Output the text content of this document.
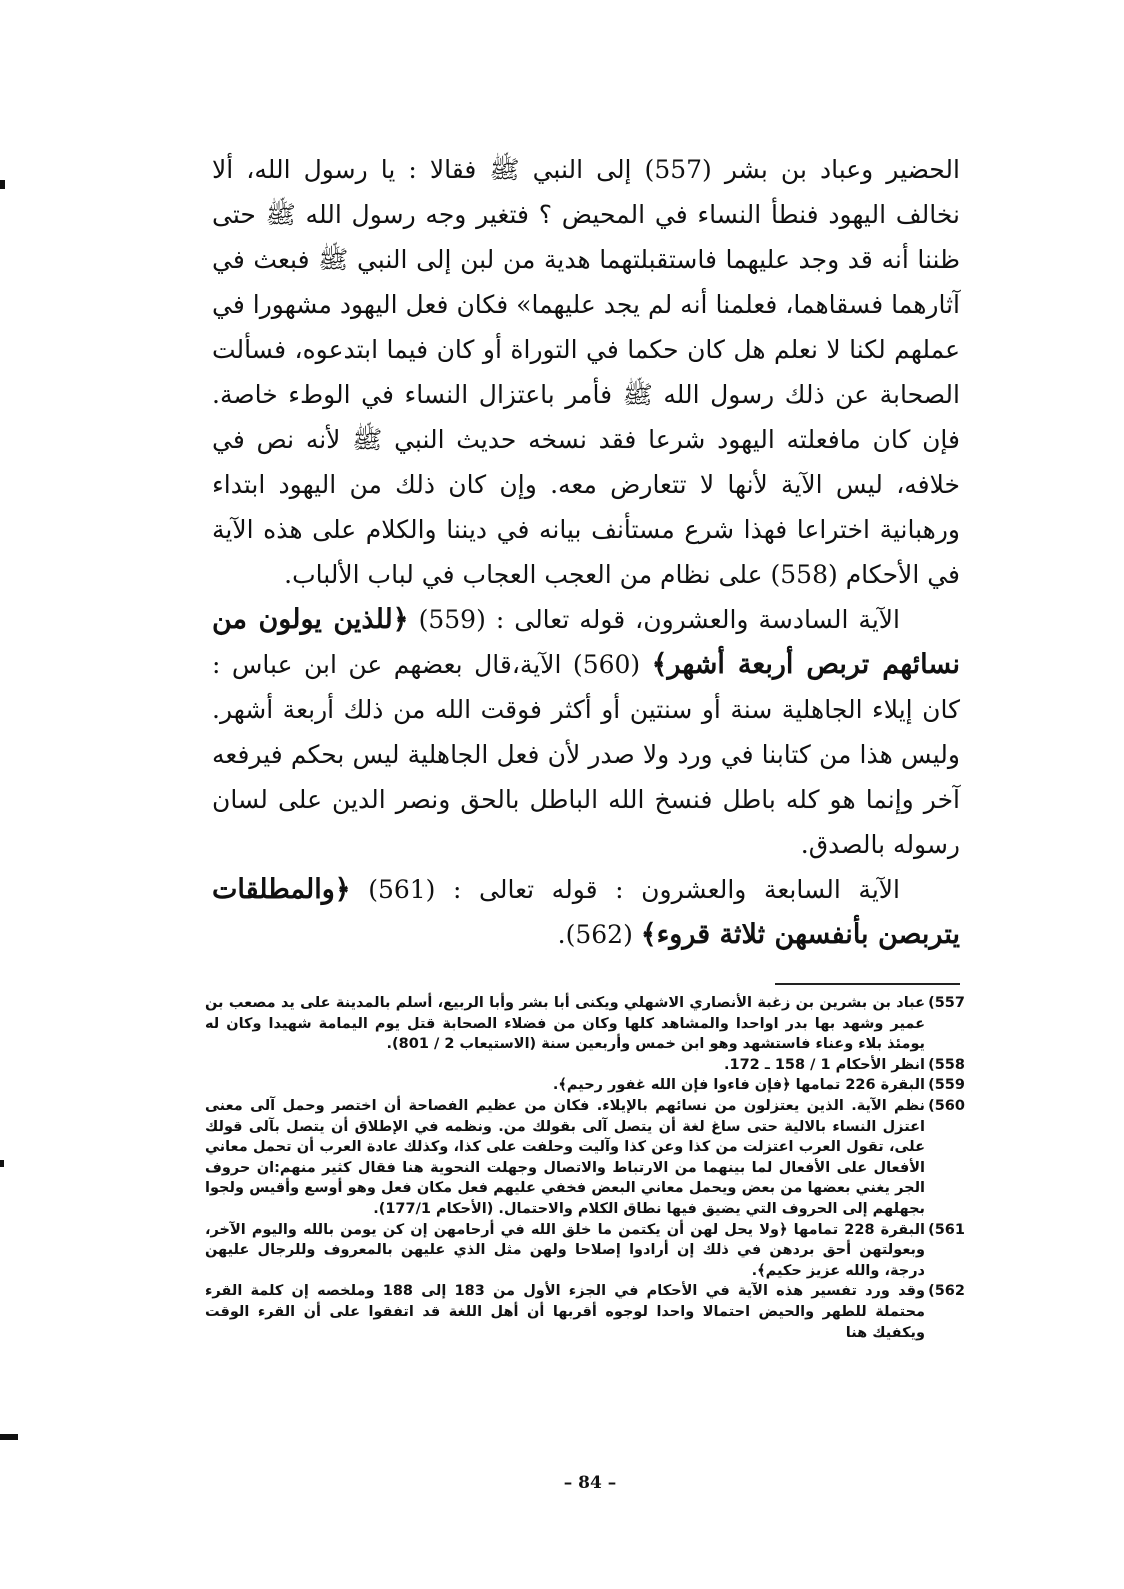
الحضير وعباد بن بشر (557) إلى النبي ﷺ فقالا : يا رسول الله، ألا نخالف اليهود فنطأ النساء في المحيض ؟ فتغير وجه رسول الله ﷺ حتى ظننا أنه قد وجد عليهما فاستقبلتهما هدية من لبن إلى النبي ﷺ فبعث في آثارهما فسقاهما، فعلمنا أنه لم يجد عليهما» فكان فعل اليهود مشهورا في عملهم لكنا لا نعلم هل كان حكما في التوراة أو كان فيما ابتدعوه، فسألت الصحابة عن ذلك رسول الله ﷺ فأمر باعتزال النساء في الوطء خاصة. فإن كان مافعلته اليهود شرعا فقد نسخه حديث النبي ﷺ لأنه نص في خلافه، ليس الآية لأنها لا تتعارض معه. وإن كان ذلك من اليهود ابتداء ورهبانية اختراعا فهذا شرع مستأنف بيانه في ديننا والكلام على هذه الآية في الأحكام (558) على نظام من العجب العجاب في لباب الألباب.

الآية السادسة والعشرون، قوله تعالى : (559) ﴿للذين يولون من نسائهم تربص أربعة أشهر﴾ (560) الآية،قال بعضهم عن ابن عباس : كان إيلاء الجاهلية سنة أو سنتين أو أكثر فوقت الله من ذلك أربعة أشهر. وليس هذا من كتابنا في ورد ولا صدر لأن فعل الجاهلية ليس بحكم فيرفعه آخر وإنما هو كله باطل فنسخ الله الباطل بالحق ونصر الدين على لسان رسوله بالصدق.

الآية السابعة والعشرون : قوله تعالى : (561) ﴿والمطلقات يتربصن بأنفسهن ثلاثة قروء﴾ (562).

(557
عباد بن بشرين بن زغبة الأنصاري الاشهلي ويكنى أبا بشر وأبا الربيع، أسلم بالمدينة على يد مصعب بن عمير وشهد بها بدر اواحدا والمشاهد كلها وكان من فضلاء الصحابة قتل يوم اليمامة شهيدا وكان له يومئذ بلاء وعناء فاستشهد وهو ابن خمس وأربعين سنة (الاستيعاب 2 / 801).
(558
انظر الأحكام 1 / 158 ـ 172.
(559
البقرة 226 تمامها ﴿فإن فاءوا فإن الله غفور رحيم﴾.
(560
نظم الآية. الذين يعتزلون من نسائهم بالإيلاء. فكان من عظيم الفصاحة أن اختصر وحمل آلى معنى اعتزل النساء بالالية حتى ساغ لغة أن يتصل آلى بقولك من. ونظمه في الإطلاق أن يتصل بآلى قولك على، تقول العرب اعتزلت من كذا وعن كذا وآليت وحلفت على كذا، وكذلك عادة العرب أن تحمل معاني الأفعال على الأفعال لما بينهما من الارتباط والاتصال وجهلت النحوية هنا فقال كثير منهم:ان حروف الجر يغني بعضها من بعض ويحمل معاني البعض فخفي عليهم فعل مكان فعل وهو أوسع وأقيس ولجوا بجهلهم إلى الحروف التي يضيق فيها نطاق الكلام والاحتمال. (الأحكام 177/1).
(561
البقرة 228 تمامها ﴿ولا يحل لهن أن يكتمن ما خلق الله في أرحامهن إن كن يومن بالله واليوم الآخر، وبعولتهن أحق بردهن في ذلك إن أرادوا إصلاحا ولهن مثل الذي عليهن بالمعروف وللرجال عليهن درجة، والله عزيز حكيم﴾.
(562
وقد ورد تفسير هذه الآية في الأحكام في الجزء الأول من 183 إلى 188 وملخصه إن كلمة القرء محتملة للطهر والحيض احتمالا واحدا لوجوه أقربها أن أهل اللغة قد اتفقوا على أن القرء الوقت ويكفيك هنا
– 84 –
